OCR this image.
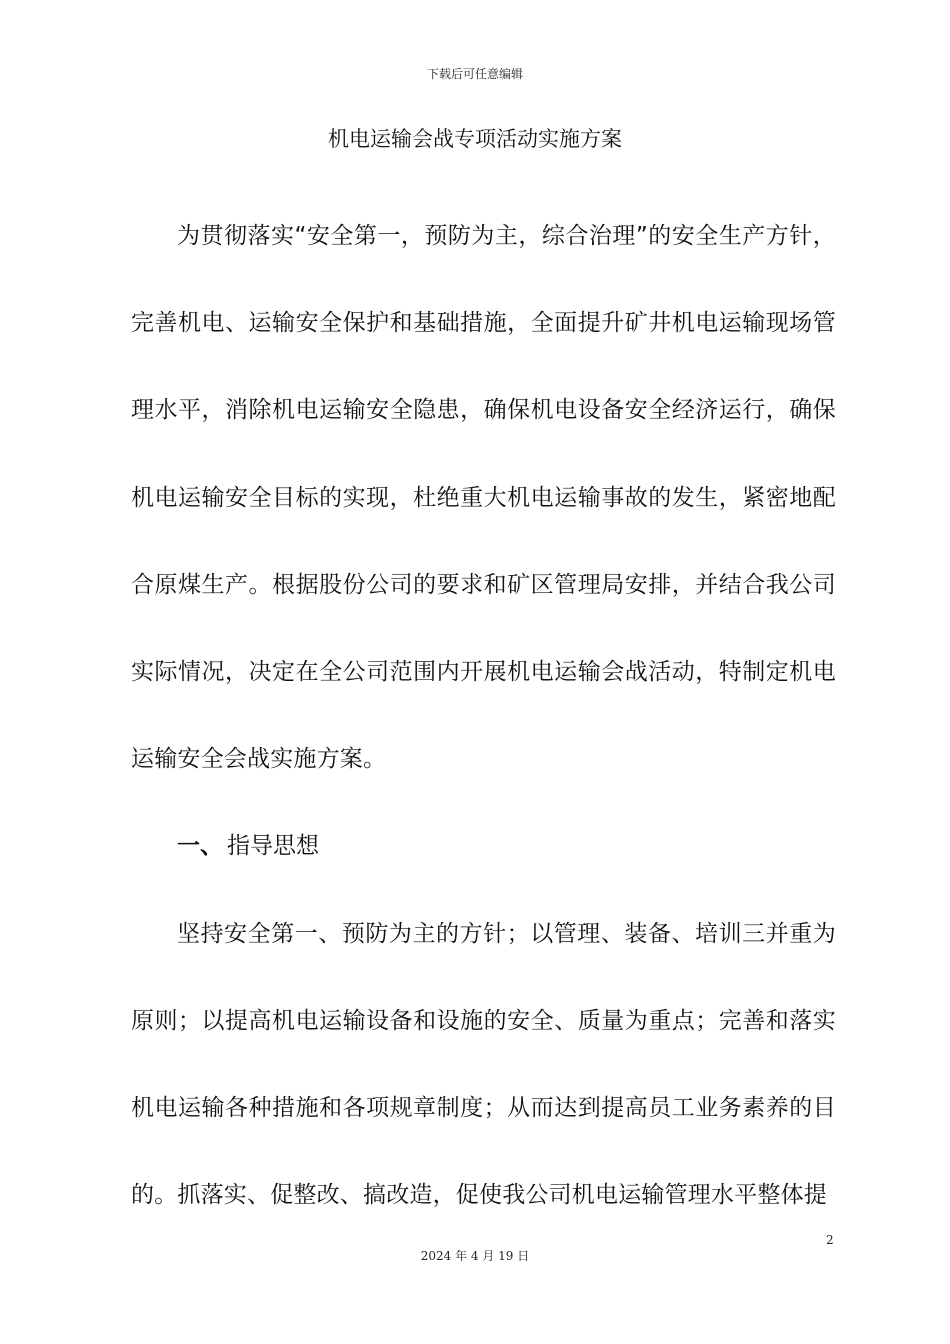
下载后可任意编辑
机电运输会战专项活动实施方案

为贯彻落实“安全第一，预防为主，综合治理”的安全生产方针，完善机电、运输安全保护和基础措施，全面提升矿井机电运输现场管理水平，消除机电运输安全隐患，确保机电设备安全经济运行，确保 机电运输安全目标的实现，杜绝重大机电运输事故的发生，紧密地配合原煤生产。根据股份公司的要求和矿区管理局安排，并结合我公司实际情况，决定在全公司范围内开展机电运输会战活动，特制定机电运输安全会战实施方案。

一、 指导思想

坚持安全第一、预防为主的方针；以管理、装备、培训三并重为原则；以提高机电运输设备和设施的安全、质量为重点；完善和落实机电运输各种措施和各项规章制度；从而达到提高员工业务素养的目的。抓落实、促整改、搞改造，促使我公司机电运输管理水平整体提

2
2024 年 4 月 19 日
